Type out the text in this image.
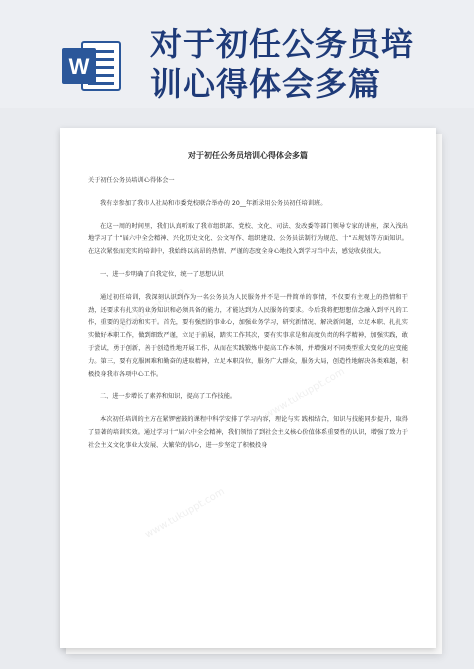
W
对于初任公务员培
训心得体会多篇
www.tukuppt.com
www.tukuppt.com
www.tukuppt.com
对于初任公务员培训心得体会多篇

关于初任公务员培训心得体会一

我有幸参加了我市人社局和市委党校联合举办的 20__年新录用公务员初任培训班。

在这一周的时间里，我们认真听取了我市组织部、党校、文化、司法、发改委等部门领导专家的讲座，深入浅出地学习了十”届六中全会精神、兴化历史文化、公文写作、组织建设、公务员法制行为规范、十”五规划等方面知识。在这次紧张而充实的培训中，我始终以高昂的热情、严谨的态度全身心地投入到学习当中去，感觉收获很大。

一、进一步明确了自我定位，统一了思想认识

通过初任培训，我深刻认识到作为一名公务员为人民服务并不是一件简单的事情，不仅要有主观上的热情和干劲，还要求有扎实的业务知识和必须具备的能力，才能达到为人民服务的要求。今后我将把想想信念融入到平凡的工作，重要的是行动和实干。首先，要有强烈的事业心，加强业务学习，研究新情况、解决新问题，立足本职、扎扎实实做好本职工作，做到细致严谨，立足于前展，踏实工作其次，要有实事求是和高度负责的科学精神，加强实践，敢于尝试，勇于创新，善于创造性地开展工作，从而在实践锻炼中提高工作本领，并增强对不同类型重大变化的应变能力。第三，要有克服困难和勤奋的进取精神，立足本职岗位，服务广大群众，服务大局，创造性地解决各类难题，积极投身我市各项中心工作。

二、进一步增长了素养和知识，提高了工作技能。

本次初任培训的主方在紧锣密鼓的课程中科学安排了学习内容，理论与实 践相结合，知识与技能同步提升，取得了显著的培训实效。通过学习十”届六中全会精神，我们领悟了到社会主义核心价值体系重要性的认识，增强了致力于社会主义文化事业大发展、大繁荣的信心，进一步坚定了积极投身
